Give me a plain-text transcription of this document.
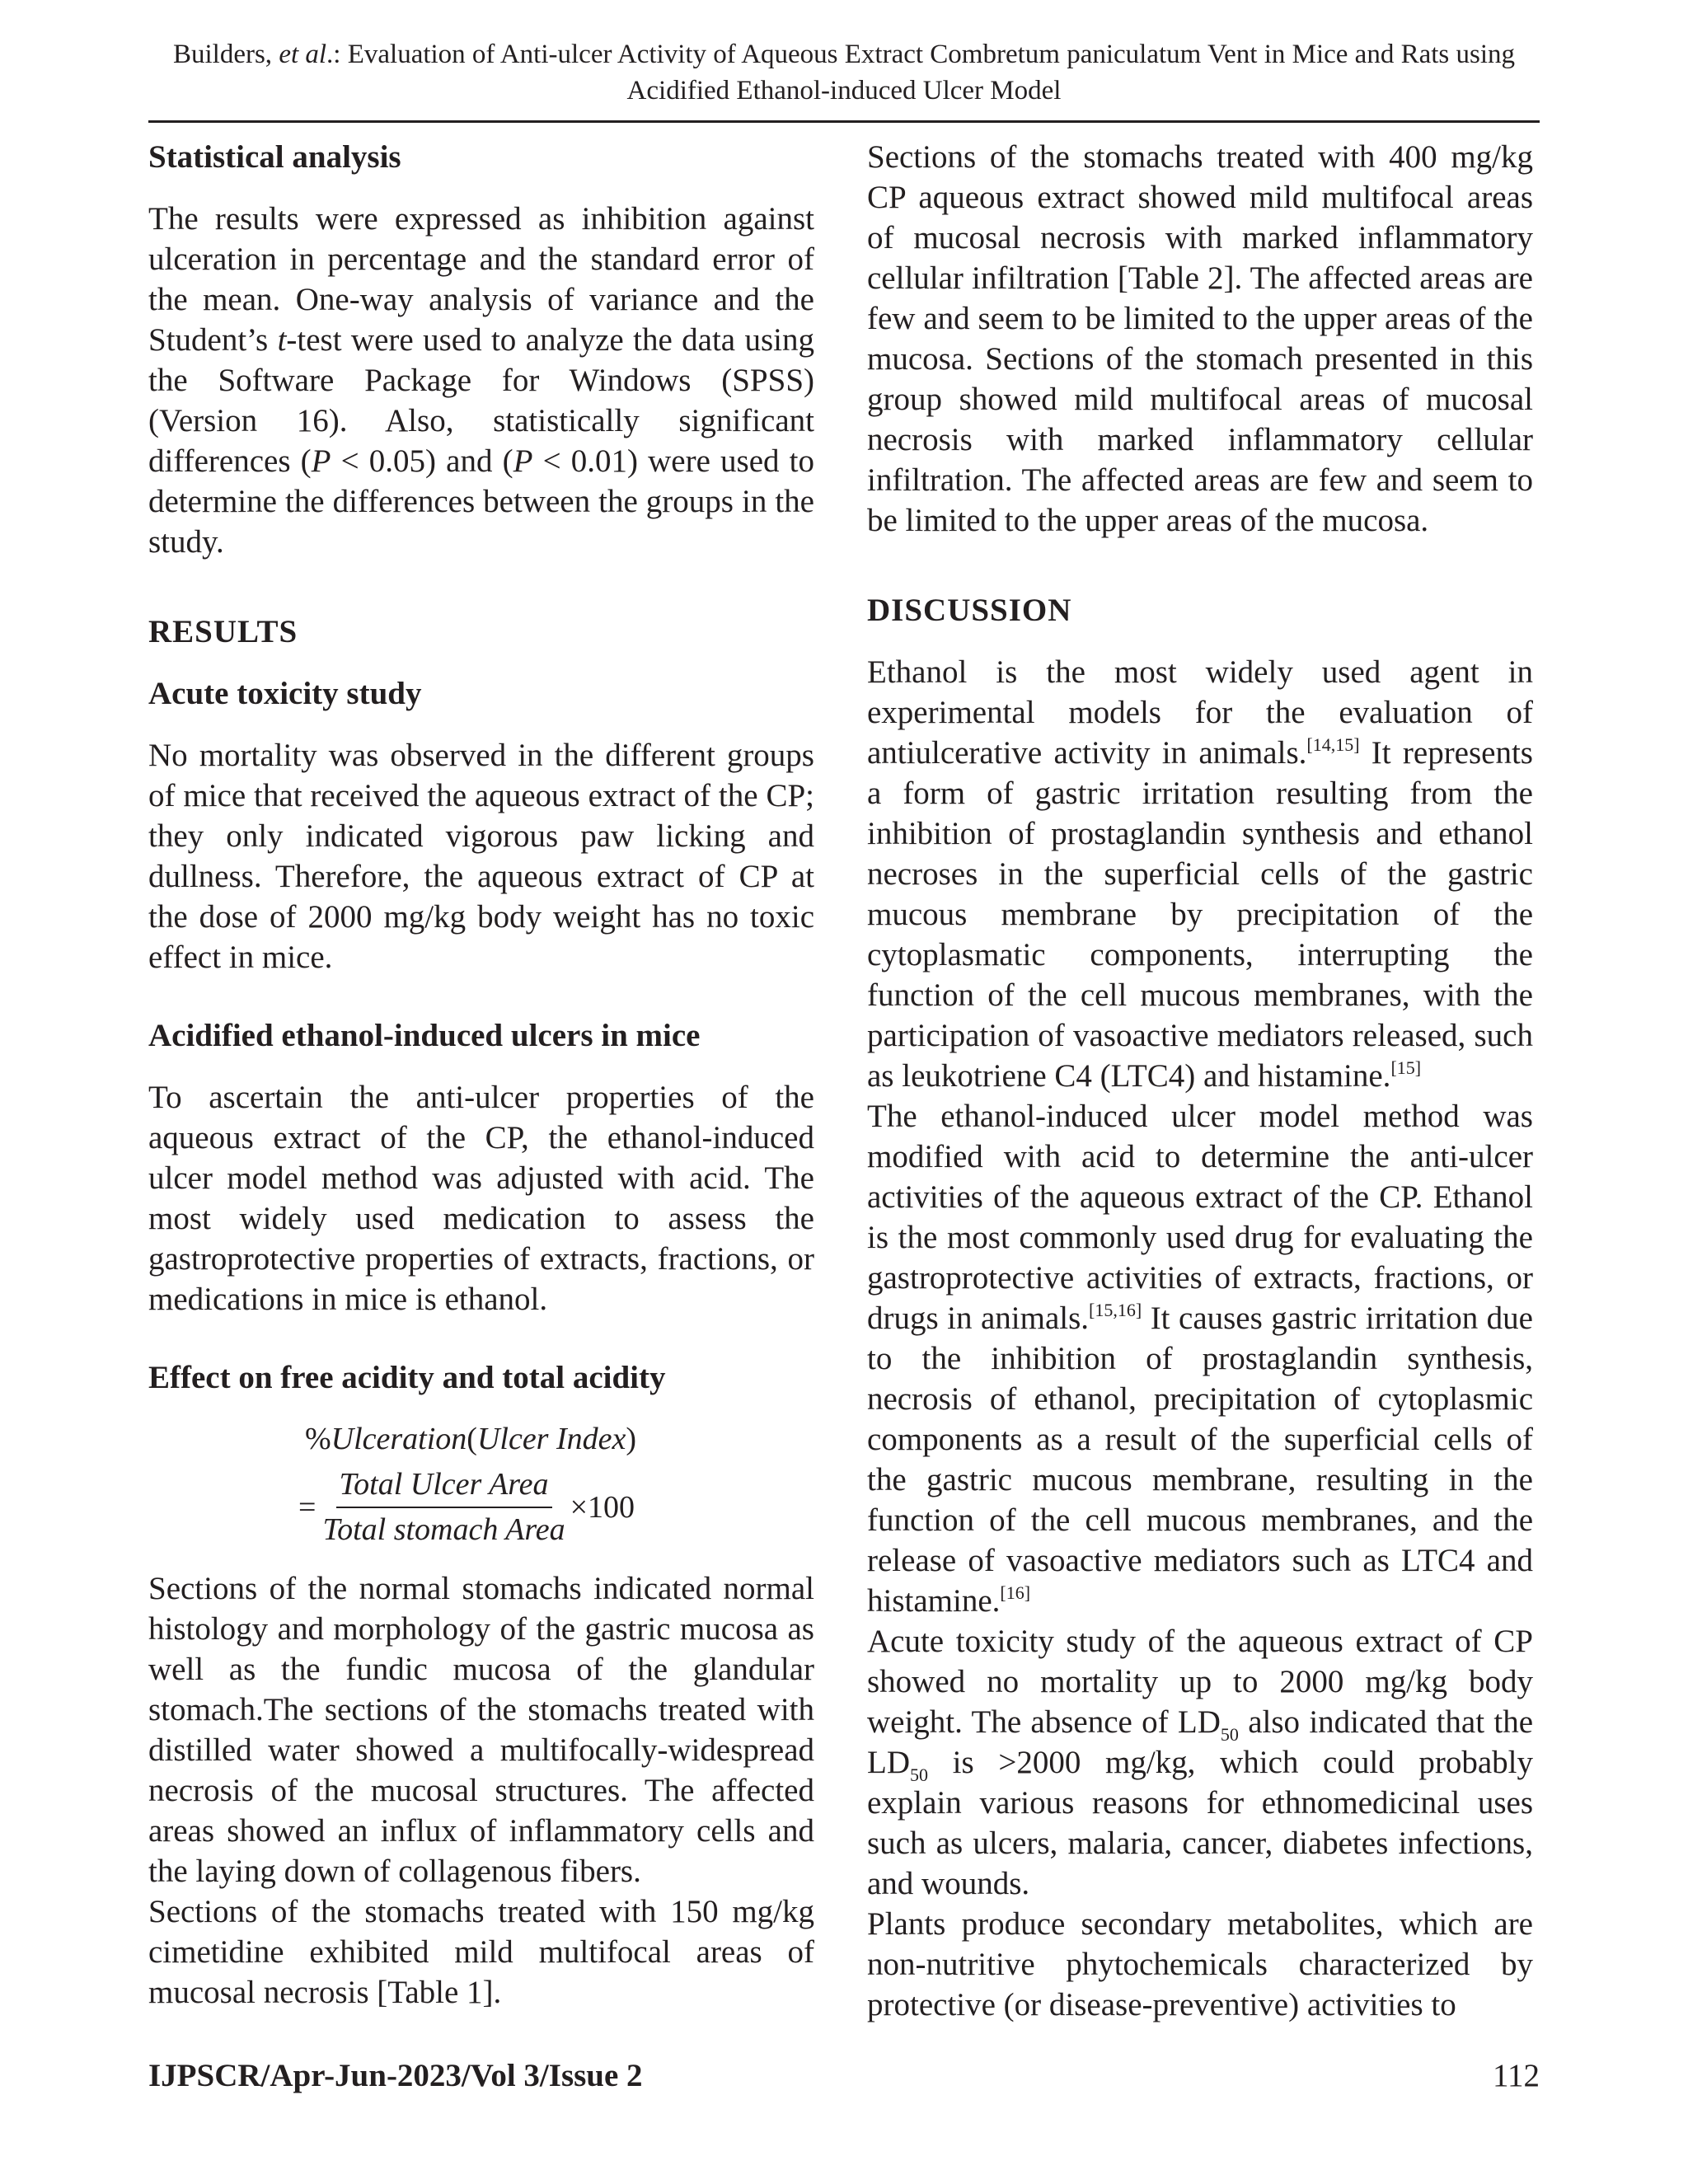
Builders, et al.: Evaluation of Anti-ulcer Activity of Aqueous Extract Combretum paniculatum Vent in Mice and Rats using
Acidified Ethanol-induced Ulcer Model

Statistical analysis

The results were expressed as inhibition against ulceration in percentage and the standard error of the mean. One-way analysis of variance and the Student’s t-test were used to analyze the data using the Software Package for Windows (SPSS) (Version 16). Also, statistically significant differences (P < 0.05) and (P < 0.01) were used to determine the differences between the groups in the study.

RESULTS

Acute toxicity study

No mortality was observed in the different groups of mice that received the aqueous extract of the CP; they only indicated vigorous paw licking and dullness. Therefore, the aqueous extract of CP at the dose of 2000 mg/kg body weight has no toxic effect in mice.

Acidified ethanol-induced ulcers in mice

To ascertain the anti-ulcer properties of the aqueous extract of the CP, the ethanol-induced ulcer model method was adjusted with acid. The most widely used medication to assess the gastroprotective properties of extracts, fractions, or medications in mice is ethanol.

Effect on free acidity and total acidity

%Ulceration(Ulcer Index)
= $\frac{\text{Total Ulcer Area}}{\text{Total stomach Area}} \times 100$

Sections of the normal stomachs indicated normal histology and morphology of the gastric mucosa as well as the fundic mucosa of the glandular stomach.The sections of the stomachs treated with distilled water showed a multifocally-widespread necrosis of the mucosal structures. The affected areas showed an influx of inflammatory cells and the laying down of collagenous fibers.

Sections of the stomachs treated with 150 mg/kg cimetidine exhibited mild multifocal areas of mucosal necrosis [Table 1].

Sections of the stomachs treated with 400 mg/kg CP aqueous extract showed mild multifocal areas of mucosal necrosis with marked inflammatory cellular infiltration [Table 2]. The affected areas are few and seem to be limited to the upper areas of the mucosa. Sections of the stomach presented in this group showed mild multifocal areas of mucosal necrosis with marked inflammatory cellular infiltration. The affected areas are few and seem to be limited to the upper areas of the mucosa.

DISCUSSION

Ethanol is the most widely used agent in experimental models for the evaluation of antiulcerative activity in animals.[14,15] It represents a form of gastric irritation resulting from the inhibition of prostaglandin synthesis and ethanol necroses in the superficial cells of the gastric mucous membrane by precipitation of the cytoplasmatic components, interrupting the function of the cell mucous membranes, with the participation of vasoactive mediators released, such as leukotriene C4 (LTC4) and histamine.[15]

The ethanol-induced ulcer model method was modified with acid to determine the anti-ulcer activities of the aqueous extract of the CP. Ethanol is the most commonly used drug for evaluating the gastroprotective activities of extracts, fractions, or drugs in animals.[15,16] It causes gastric irritation due to the inhibition of prostaglandin synthesis, necrosis of ethanol, precipitation of cytoplasmic components as a result of the superficial cells of the gastric mucous membrane, resulting in the function of the cell mucous membranes, and the release of vasoactive mediators such as LTC4 and histamine.[16]

Acute toxicity study of the aqueous extract of CP showed no mortality up to 2000 mg/kg body weight. The absence of $LD_{50}$ also indicated that the $LD_{50}$ is >2000 mg/kg, which could probably explain various reasons for ethnomedicinal uses such as ulcers, malaria, cancer, diabetes infections, and wounds.

Plants produce secondary metabolites, which are non-nutritive phytochemicals characterized by protective (or disease-preventive) activities to

IJPSCR/Apr-Jun-2023/Vol 3/Issue 2	112
